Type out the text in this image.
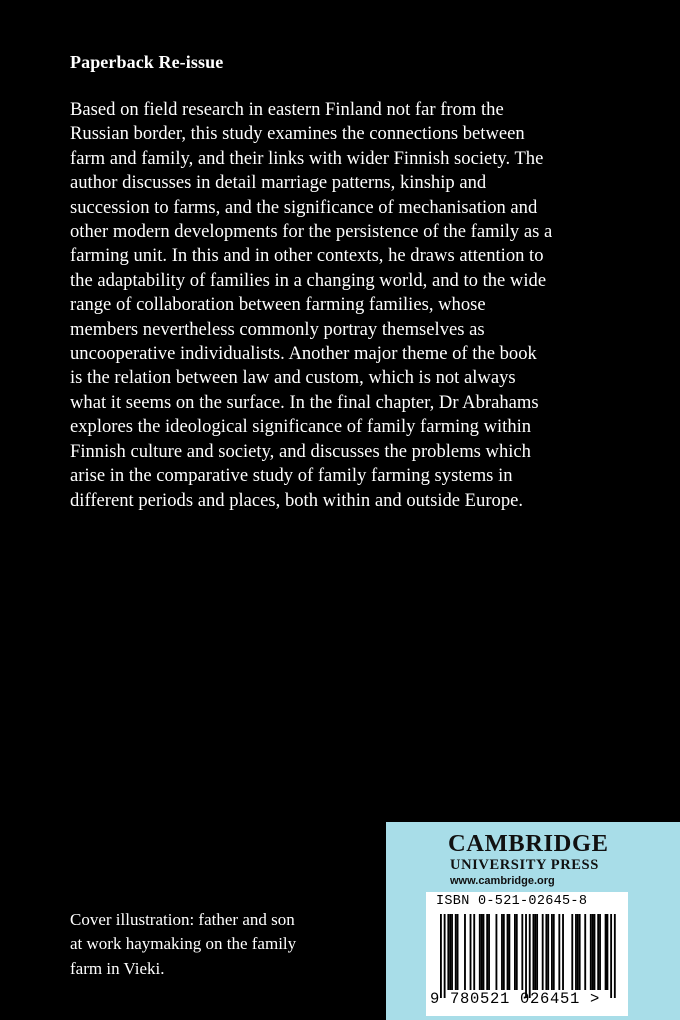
Paperback Re-issue
Based on field research in eastern Finland not far from the
Russian border, this study examines the connections between
farm and family, and their links with wider Finnish society. The
author discusses in detail marriage patterns, kinship and
succession to farms, and the significance of mechanisation and
other modern developments for the persistence of the family as a
farming unit. In this and in other contexts, he draws attention to
the adaptability of families in a changing world, and to the wide
range of collaboration between farming families, whose
members nevertheless commonly portray themselves as
uncooperative individualists. Another major theme of the book
is the relation between law and custom, which is not always
what it seems on the surface. In the final chapter, Dr Abrahams
explores the ideological significance of family farming within
Finnish culture and society, and discusses the problems which
arise in the comparative study of family farming systems in
different periods and places, both within and outside Europe.
Cover illustration: father and son
at work haymaking on the family
farm in Vieki.
CAMBRIDGE
UNIVERSITY PRESS
www.cambridge.org
ISBN 0-521-02645-8
9 780521 026451 >
